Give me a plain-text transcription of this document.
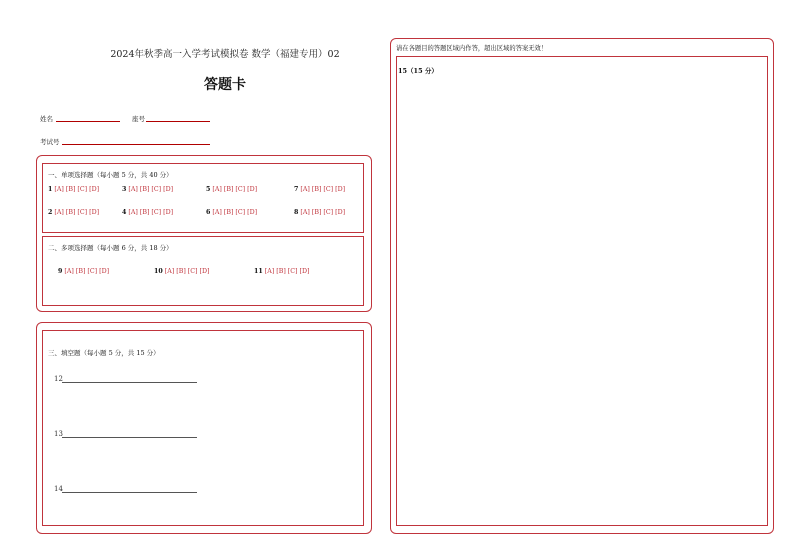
2024年秋季高一入学考试模拟卷 数学（福建专用）02
答题卡
姓名	座号
考试号
一、单项选择题（每小题 5 分，共 40 分）
1 [A] [B] [C] [D]	3 [A] [B] [C] [D]	5 [A] [B] [C] [D]	7 [A] [B] [C] [D]
2 [A] [B] [C] [D]	4 [A] [B] [C] [D]	6 [A] [B] [C] [D]	8 [A] [B] [C] [D]
二、多项选择题（每小题 6 分，共 18 分）
9 [A] [B] [C] [D]	10 [A] [B] [C] [D]	11 [A] [B] [C] [D]
三、填空题（每小题 5 分，共 15 分）
12
13
14
请在各题目的答题区域内作答，超出区域的答案无效！
15（15 分）
